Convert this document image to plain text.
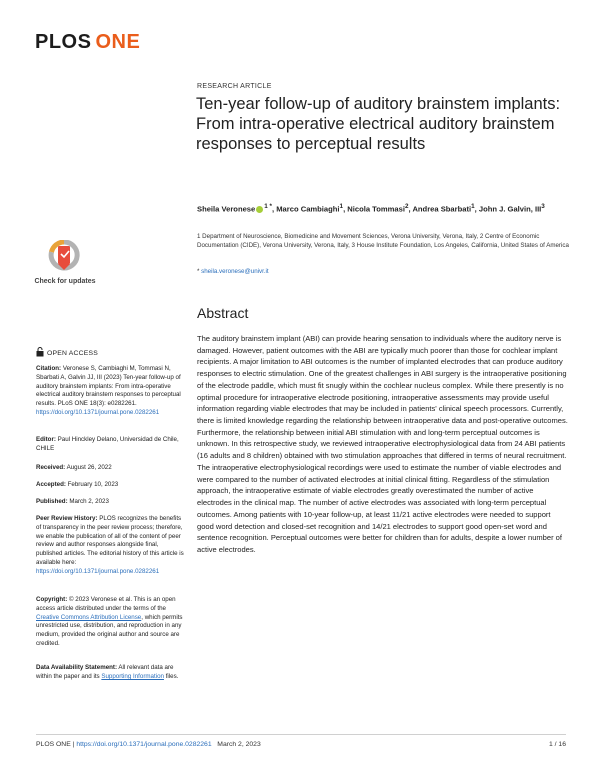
PLOS ONE
RESEARCH ARTICLE
Ten-year follow-up of auditory brainstem implants: From intra-operative electrical auditory brainstem responses to perceptual results
Sheila Veronese $^{1 *}$, Marco Cambiaghi$^1$, Nicola Tommasi$^2$, Andrea Sbarbati$^1$, John J. Galvin, III$^3$
1 Department of Neuroscience, Biomedicine and Movement Sciences, Verona University, Verona, Italy, 2 Centre of Economic Documentation (CIDE), Verona University, Verona, Italy, 3 House Institute Foundation, Los Angeles, California, United States of America
* sheila.veronese@univr.it
Check for updates
OPEN ACCESS
Citation: Veronese S, Cambiaghi M, Tommasi N, Sbarbati A, Galvin JJ, III (2023) Ten-year follow-up of auditory brainstem implants: From intra-operative electrical auditory brainstem responses to perceptual results. PLoS ONE 18(3): e0282261. https://doi.org/10.1371/journal.pone.0282261
Editor: Paul Hinckley Delano, Universidad de Chile, CHILE
Received: August 26, 2022
Accepted: February 10, 2023
Published: March 2, 2023
Peer Review History: PLOS recognizes the benefits of transparency in the peer review process; therefore, we enable the publication of all of the content of peer review and author responses alongside final, published articles. The editorial history of this article is available here: https://doi.org/10.1371/journal.pone.0282261
Copyright: © 2023 Veronese et al. This is an open access article distributed under the terms of the Creative Commons Attribution License, which permits unrestricted use, distribution, and reproduction in any medium, provided the original author and source are credited.
Data Availability Statement: All relevant data are within the paper and its Supporting Information files.
Abstract
The auditory brainstem implant (ABI) can provide hearing sensation to individuals where the auditory nerve is damaged. However, patient outcomes with the ABI are typically much poorer than those for cochlear implant recipients. A major limitation to ABI outcomes is the number of implanted electrodes that can produce auditory responses to electric stimulation. One of the greatest challenges in ABI surgery is the intraoperative positioning of the electrode paddle, which must fit snugly within the cochlear nucleus complex. While there presently is no optimal procedure for intraoperative electrode positioning, intraoperative assessments may provide useful information regarding viable electrodes that may be included in patients' clinical speech processors. Currently, there is limited knowledge regarding the relationship between intraoperative data and post-operative outcomes. Furthermore, the relationship between initial ABI stimulation with and long-term perceptual outcomes is unknown. In this retrospective study, we reviewed intraoperative electrophysiological data from 24 ABI patients (16 adults and 8 children) obtained with two stimulation approaches that differed in terms of neural recruitment. The intraoperative electrophysiological recordings were used to estimate the number of viable electrodes and were compared to the number of activated electrodes at initial clinical fitting. Regardless of the stimulation approach, the intraoperative estimate of viable electrodes greatly overestimated the number of active electrodes in the clinical map. The number of active electrodes was associated with long-term perceptual outcomes. Among patients with 10-year follow-up, at least 11/21 active electrodes were needed to support good word detection and closed-set recognition and 14/21 electrodes to support good open-set word and sentence recognition. Perceptual outcomes were better for children than for adults, despite a lower number of active electrodes.
PLOS ONE | https://doi.org/10.1371/journal.pone.0282261 March 2, 2023	1 / 16
